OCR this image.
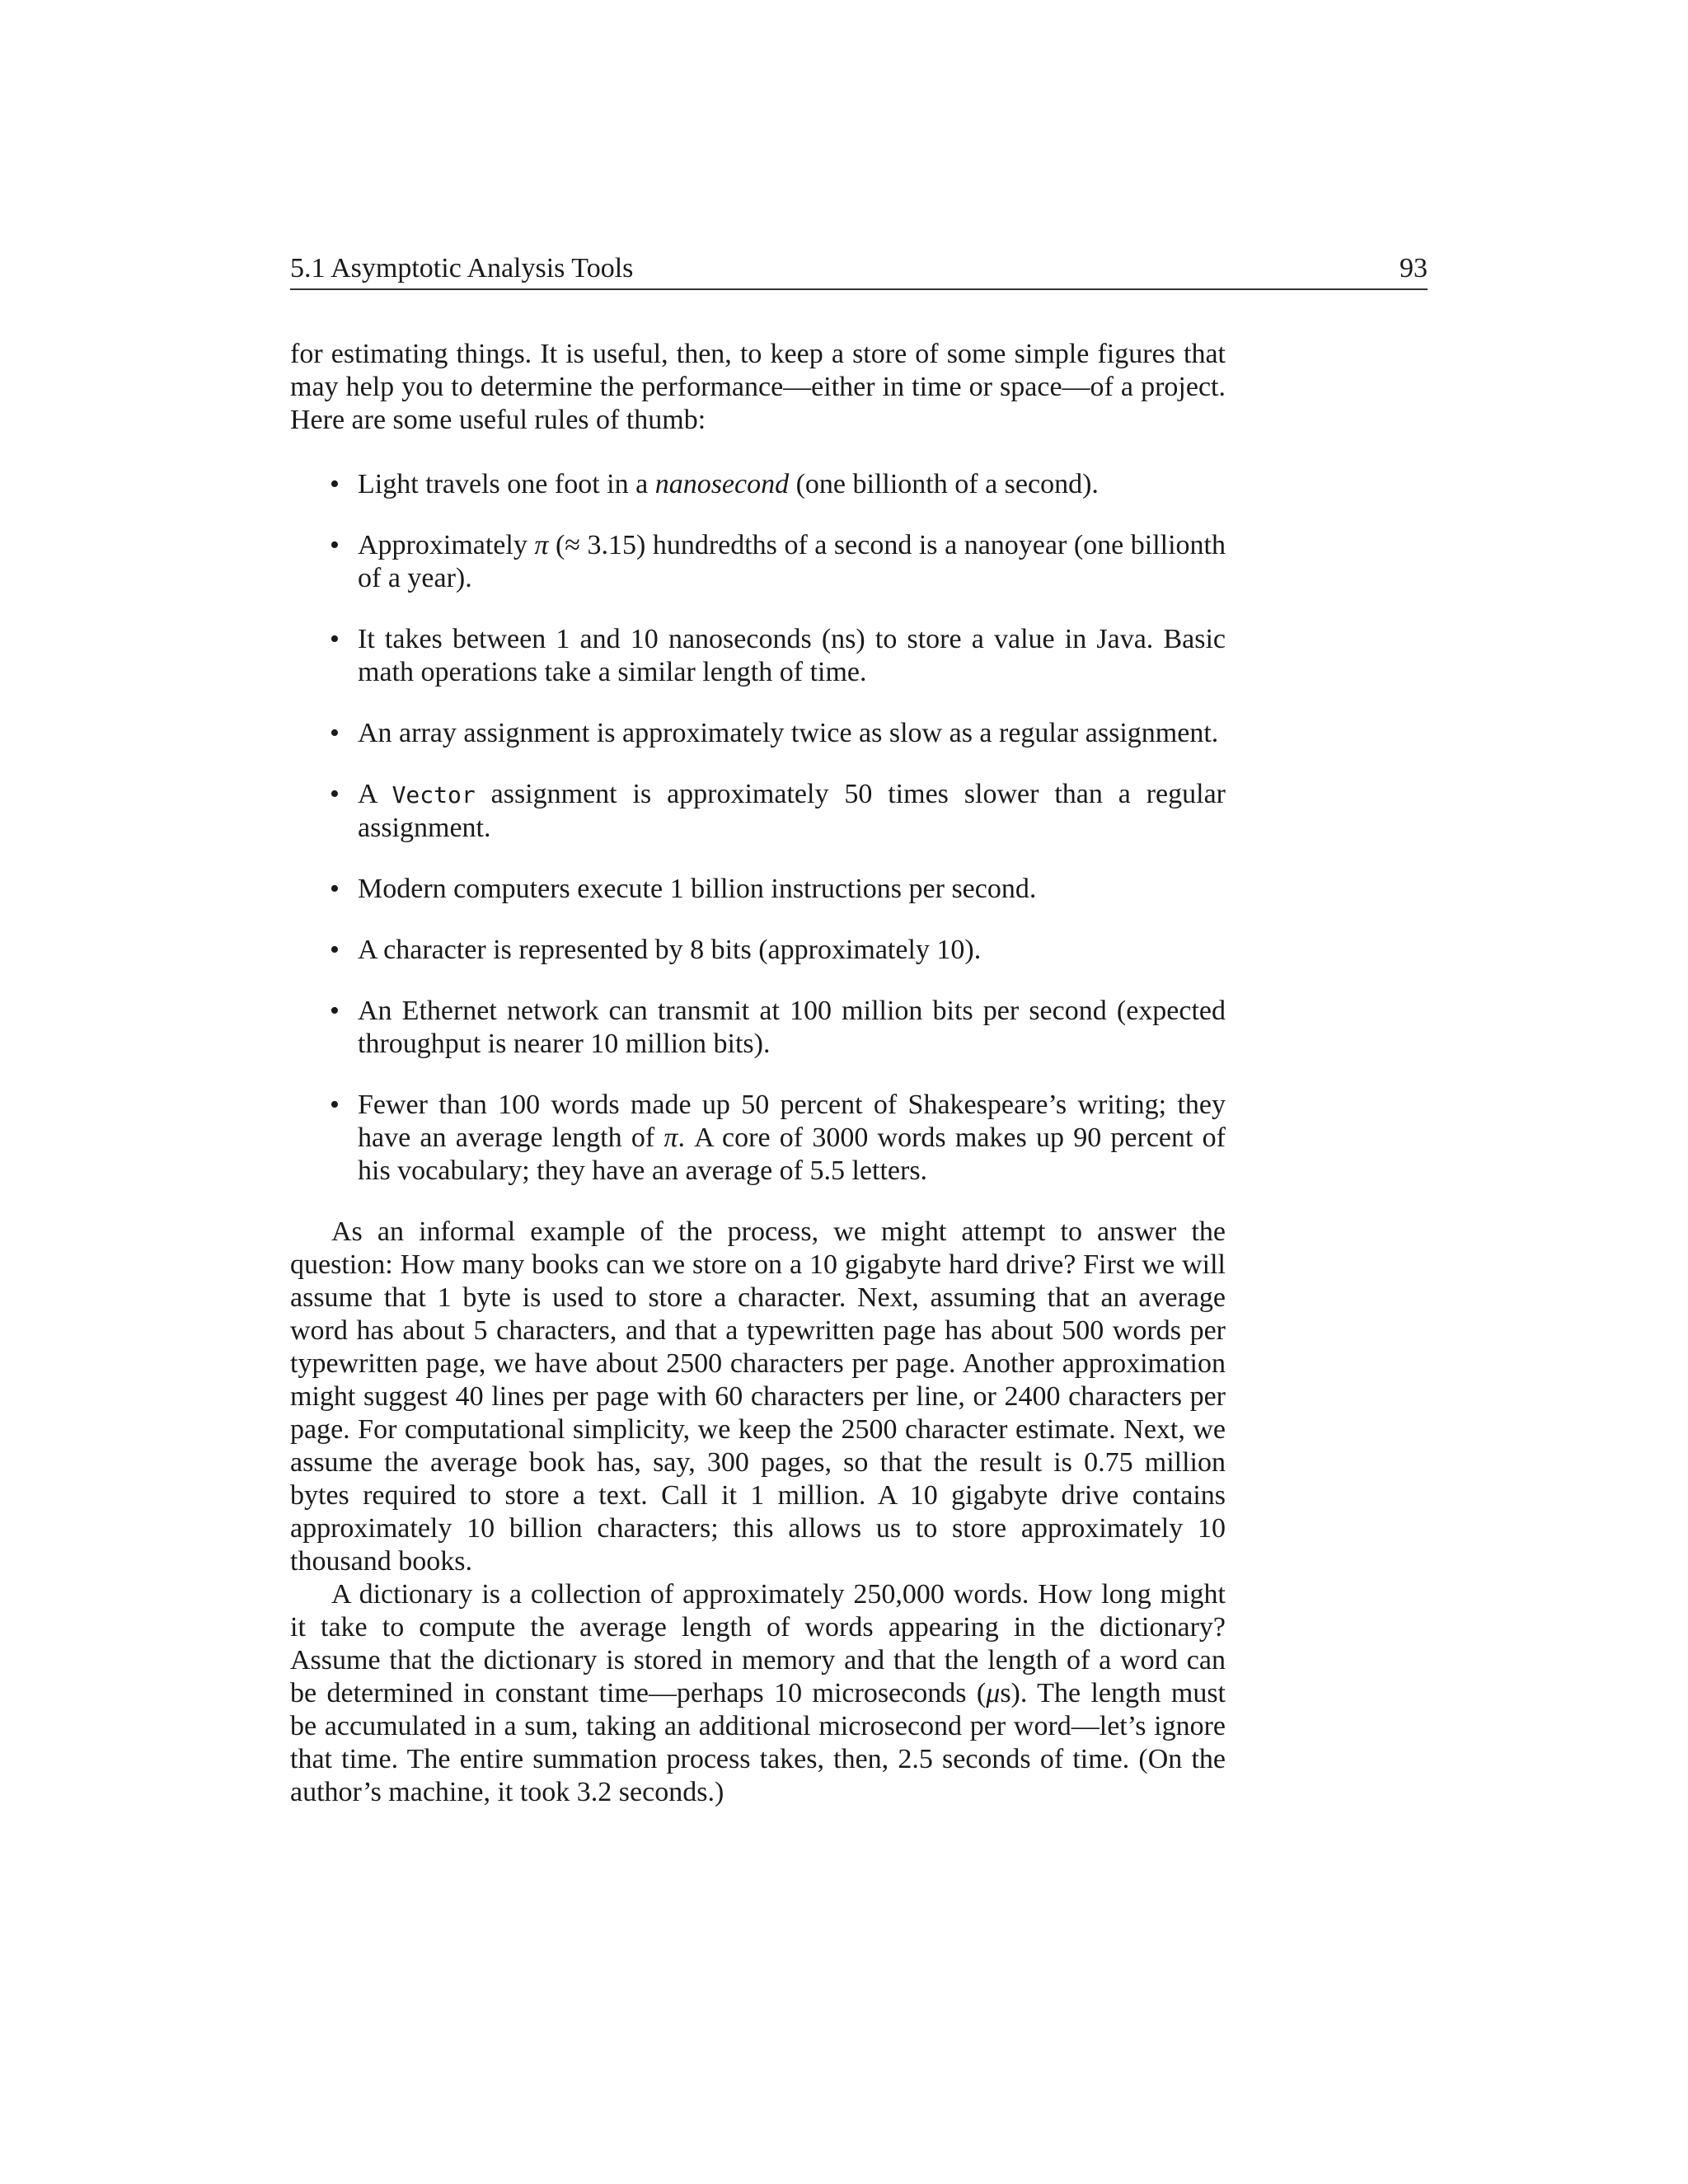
5.1 Asymptotic Analysis Tools	93

for estimating things. It is useful, then, to keep a store of some simple figures that may help you to determine the performance—either in time or space—of a project. Here are some useful rules of thumb:

• Light travels one foot in a nanosecond (one billionth of a second).
• Approximately π (≈ 3.15) hundredths of a second is a nanoyear (one billionth of a year).
• It takes between 1 and 10 nanoseconds (ns) to store a value in Java. Basic math operations take a similar length of time.
• An array assignment is approximately twice as slow as a regular assignment.
• A Vector assignment is approximately 50 times slower than a regular assignment.
• Modern computers execute 1 billion instructions per second.
• A character is represented by 8 bits (approximately 10).
• An Ethernet network can transmit at 100 million bits per second (expected throughput is nearer 10 million bits).
• Fewer than 100 words made up 50 percent of Shakespeare’s writing; they have an average length of π. A core of 3000 words makes up 90 percent of his vocabulary; they have an average of 5.5 letters.

As an informal example of the process, we might attempt to answer the question: How many books can we store on a 10 gigabyte hard drive? First we will assume that 1 byte is used to store a character. Next, assuming that an average word has about 5 characters, and that a typewritten page has about 500 words per typewritten page, we have about 2500 characters per page. Another approximation might suggest 40 lines per page with 60 characters per line, or 2400 characters per page. For computational simplicity, we keep the 2500 character estimate. Next, we assume the average book has, say, 300 pages, so that the result is 0.75 million bytes required to store a text. Call it 1 million. A 10 gigabyte drive contains approximately 10 billion characters; this allows us to store approximately 10 thousand books.

A dictionary is a collection of approximately 250,000 words. How long might it take to compute the average length of words appearing in the dictionary? Assume that the dictionary is stored in memory and that the length of a word can be determined in constant time—perhaps 10 microseconds (μs). The length must be accumulated in a sum, taking an additional microsecond per word—let’s ignore that time. The entire summation process takes, then, 2.5 seconds of time. (On the author’s machine, it took 3.2 seconds.)
